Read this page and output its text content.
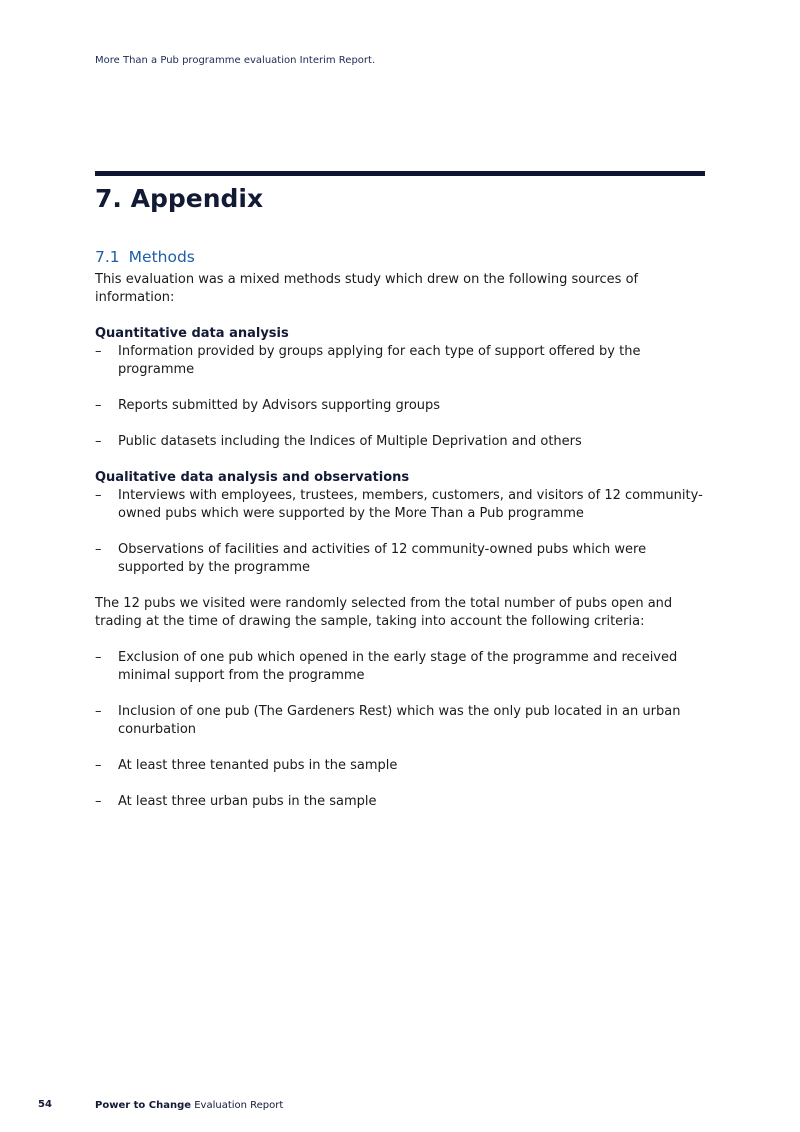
More Than a Pub programme evaluation Interim Report.
7. Appendix
7.1 Methods

This evaluation was a mixed methods study which drew on the following sources of information:

Quantitative data analysis

– Information provided by groups applying for each type of support offered by the programme
– Reports submitted by Advisors supporting groups
– Public datasets including the Indices of Multiple Deprivation and others

Qualitative data analysis and observations

– Interviews with employees, trustees, members, customers, and visitors of 12 community-owned pubs which were supported by the More Than a Pub programme
– Observations of facilities and activities of 12 community-owned pubs which were supported by the programme

The 12 pubs we visited were randomly selected from the total number of pubs open and trading at the time of drawing the sample, taking into account the following criteria:

– Exclusion of one pub which opened in the early stage of the programme and received minimal support from the programme
– Inclusion of one pub (The Gardeners Rest) which was the only pub located in an urban conurbation
– At least three tenanted pubs in the sample
– At least three urban pubs in the sample
54	Power to Change Evaluation Report
